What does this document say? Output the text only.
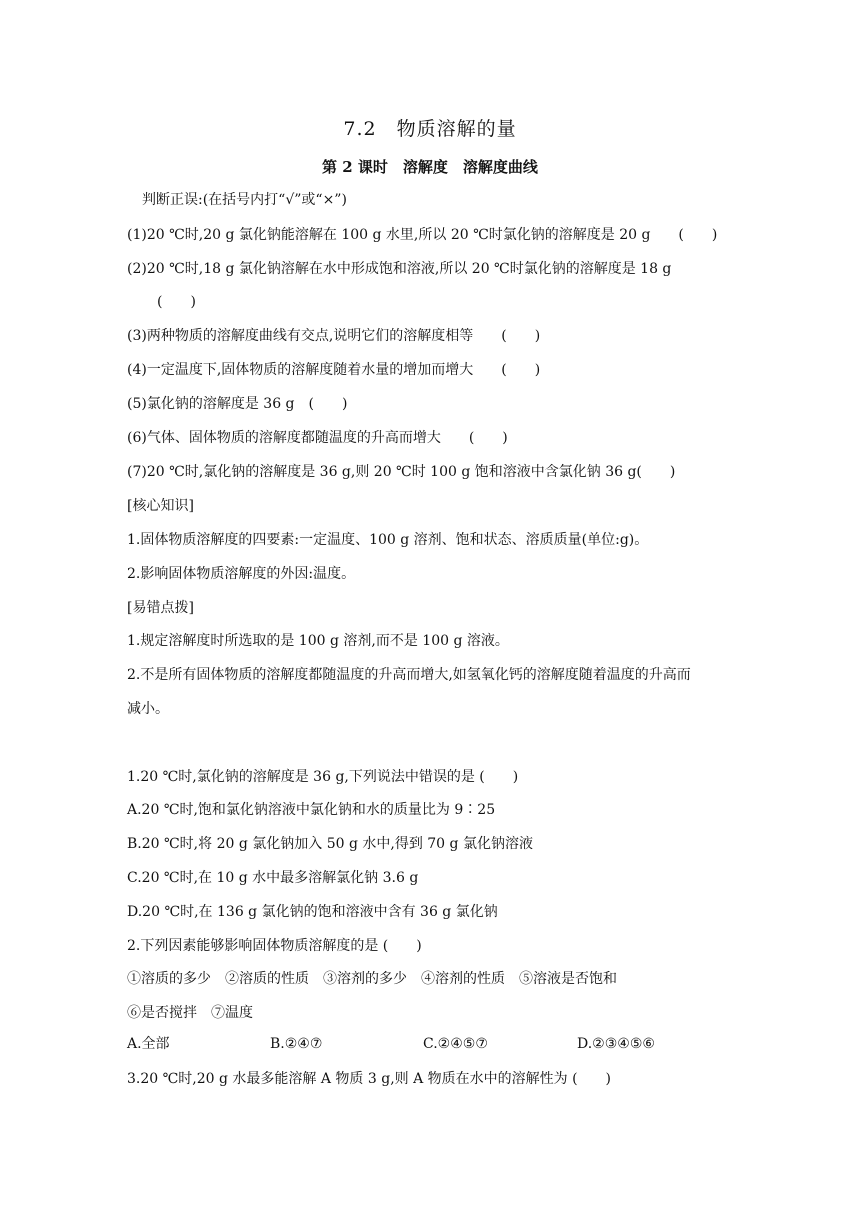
7.2　物质溶解的量
第 2 课时　溶解度　溶解度曲线
判断正误:(在括号内打“√”或“×”)
(1)20 ℃时,20 g 氯化钠能溶解在 100 g 水里,所以 20 ℃时氯化钠的溶解度是 20 g　　(　　)
(2)20 ℃时,18 g 氯化钠溶解在水中形成饱和溶液,所以 20 ℃时氯化钠的溶解度是 18 g
(　　)
(3)两种物质的溶解度曲线有交点,说明它们的溶解度相等　　(　　)
(4)一定温度下,固体物质的溶解度随着水量的增加而增大　　(　　)
(5)氯化钠的溶解度是 36 g　(　　)
(6)气体、固体物质的溶解度都随温度的升高而增大　　(　　)
(7)20 ℃时,氯化钠的溶解度是 36 g,则 20 ℃时 100 g 饱和溶液中含氯化钠 36 g(　　)
[核心知识]
1.固体物质溶解度的四要素:一定温度、100 g 溶剂、饱和状态、溶质质量(单位:g)。
2.影响固体物质溶解度的外因:温度。
[易错点拨]
1.规定溶解度时所选取的是 100 g 溶剂,而不是 100 g 溶液。
2.不是所有固体物质的溶解度都随温度的升高而增大,如氢氧化钙的溶解度随着温度的升高而
减小。
1.20 ℃时,氯化钠的溶解度是 36 g,下列说法中错误的是 (　　)
A.20 ℃时,饱和氯化钠溶液中氯化钠和水的质量比为 9∶25
B.20 ℃时,将 20 g 氯化钠加入 50 g 水中,得到 70 g 氯化钠溶液
C.20 ℃时,在 10 g 水中最多溶解氯化钠 3.6 g
D.20 ℃时,在 136 g 氯化钠的饱和溶液中含有 36 g 氯化钠
2.下列因素能够影响固体物质溶解度的是 (　　)
①溶质的多少　②溶质的性质　③溶剂的多少　④溶剂的性质　⑤溶液是否饱和
⑥是否搅拌　⑦温度
A.全部	B.②④⑦	C.②④⑤⑦	D.②③④⑤⑥
3.20 ℃时,20 g 水最多能溶解 A 物质 3 g,则 A 物质在水中的溶解性为 (　　)
